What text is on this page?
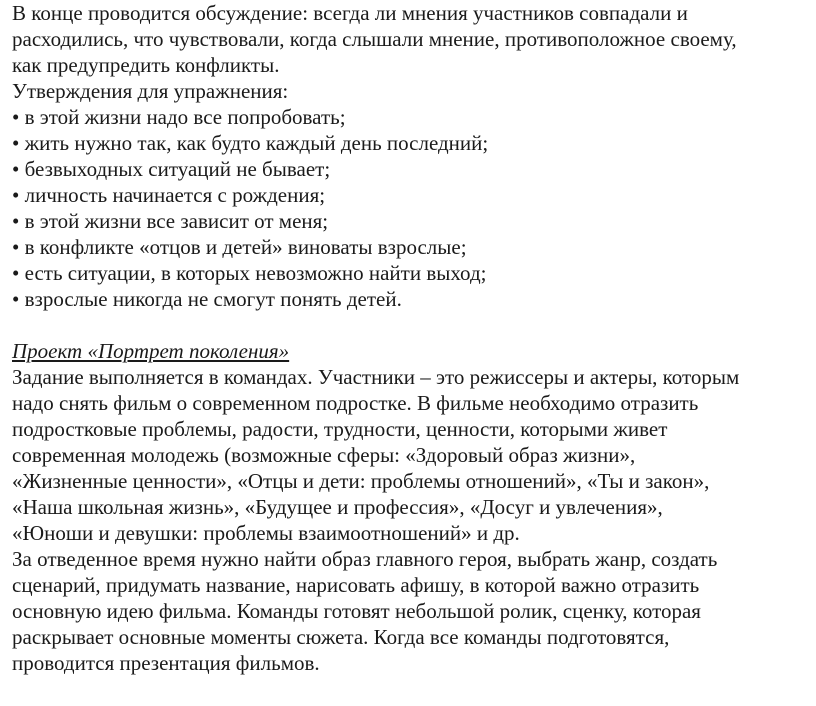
В конце проводится обсуждение: всегда ли мнения участников совпадали и
расходились, что чувствовали, когда слышали мнение, противоположное своему,
как предупредить конфликты.
Утверждения для упражнения:
• в этой жизни надо все попробовать;
• жить нужно так, как будто каждый день последний;
• безвыходных ситуаций не бывает;
• личность начинается с рождения;
• в этой жизни все зависит от меня;
• в конфликте «отцов и детей» виноваты взрослые;
• есть ситуации, в которых невозможно найти выход;
• взрослые никогда не смогут понять детей.
Проект «Портрет поколения»
Задание выполняется в командах. Участники – это режиссеры и актеры, которым
надо снять фильм о современном подростке. В фильме необходимо отразить
подростковые проблемы, радости, трудности, ценности, которыми живет
современная молодежь (возможные сферы: «Здоровый образ жизни»,
«Жизненные ценности», «Отцы и дети: проблемы отношений», «Ты и закон»,
«Наша школьная жизнь», «Будущее и профессия», «Досуг и увлечения»,
«Юноши и девушки: проблемы взаимоотношений» и др.
За отведенное время нужно найти образ главного героя, выбрать жанр, создать
сценарий, придумать название, нарисовать афишу, в которой важно отразить
основную идею фильма. Команды готовят небольшой ролик, сценку, которая
раскрывает основные моменты сюжета. Когда все команды подготовятся,
проводится презентация фильмов.
